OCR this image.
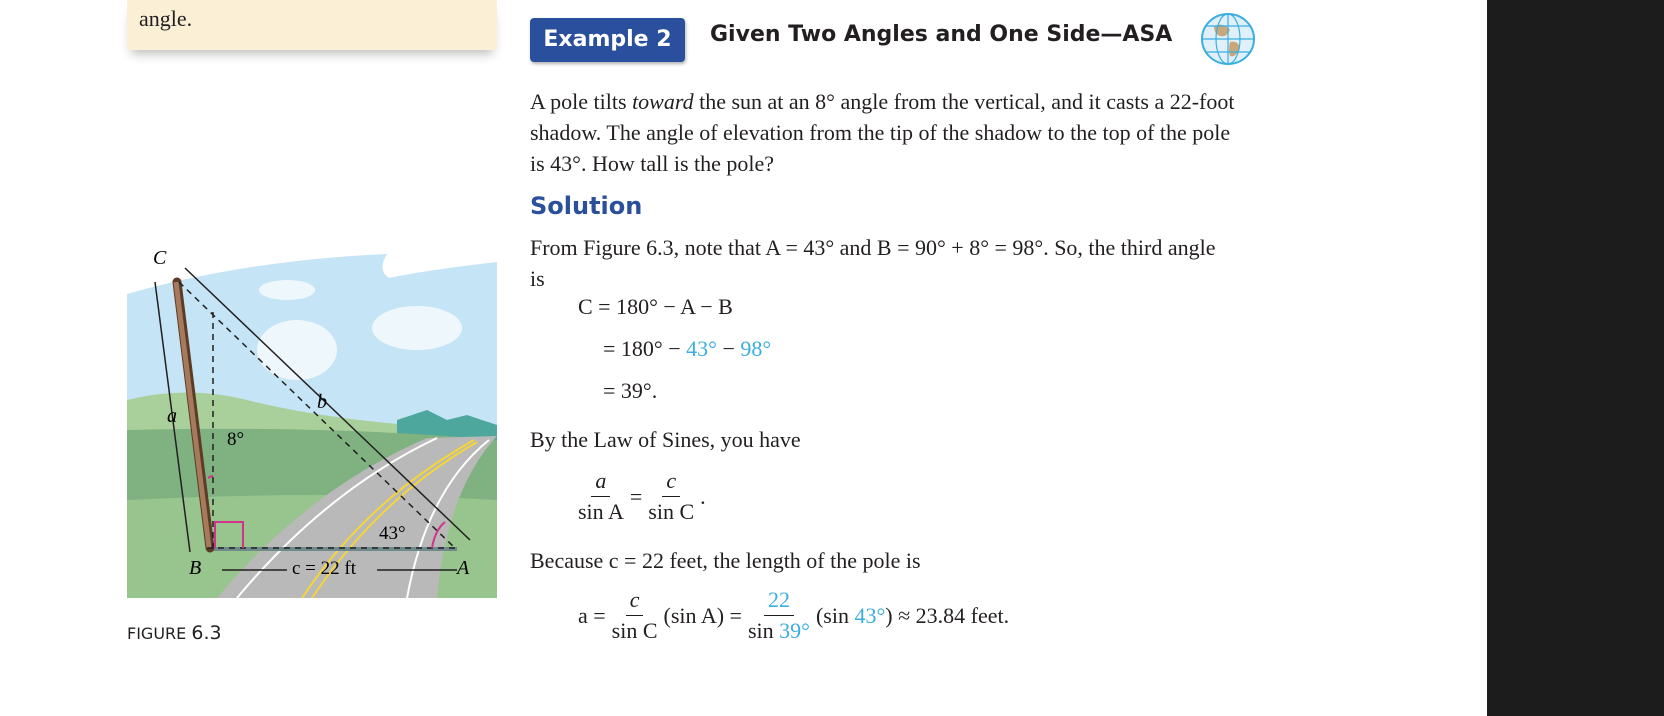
angle.
Example 2	Given Two Angles and One Side—ASA
A pole tilts toward the sun at an 8° angle from the vertical, and it casts a 22-foot
shadow. The angle of elevation from the tip of the shadow to the top of the pole
is 43°. How tall is the pole?
Solution
From Figure 6.3, note that A = 43° and B = 90° + 8° = 98°. So, the third angle
is
C = 180° − A − B
= 180° − 43° − 98°
= 39°.
By the Law of Sines, you have
$\frac{a}{\text{sin A}} = \frac{c}{\text{sin C}}$ .
Because c = 22 feet, the length of the pole is
$a = \frac{c}{\text{sin C}} (\sin$ $A) = \frac{22}{\sin 39^\circ} (\sin$ 43° ) ≈ 23.84 feet.
C
B	A
a
b
8°
43°
c = 22 ft
FIGURE 6.3
